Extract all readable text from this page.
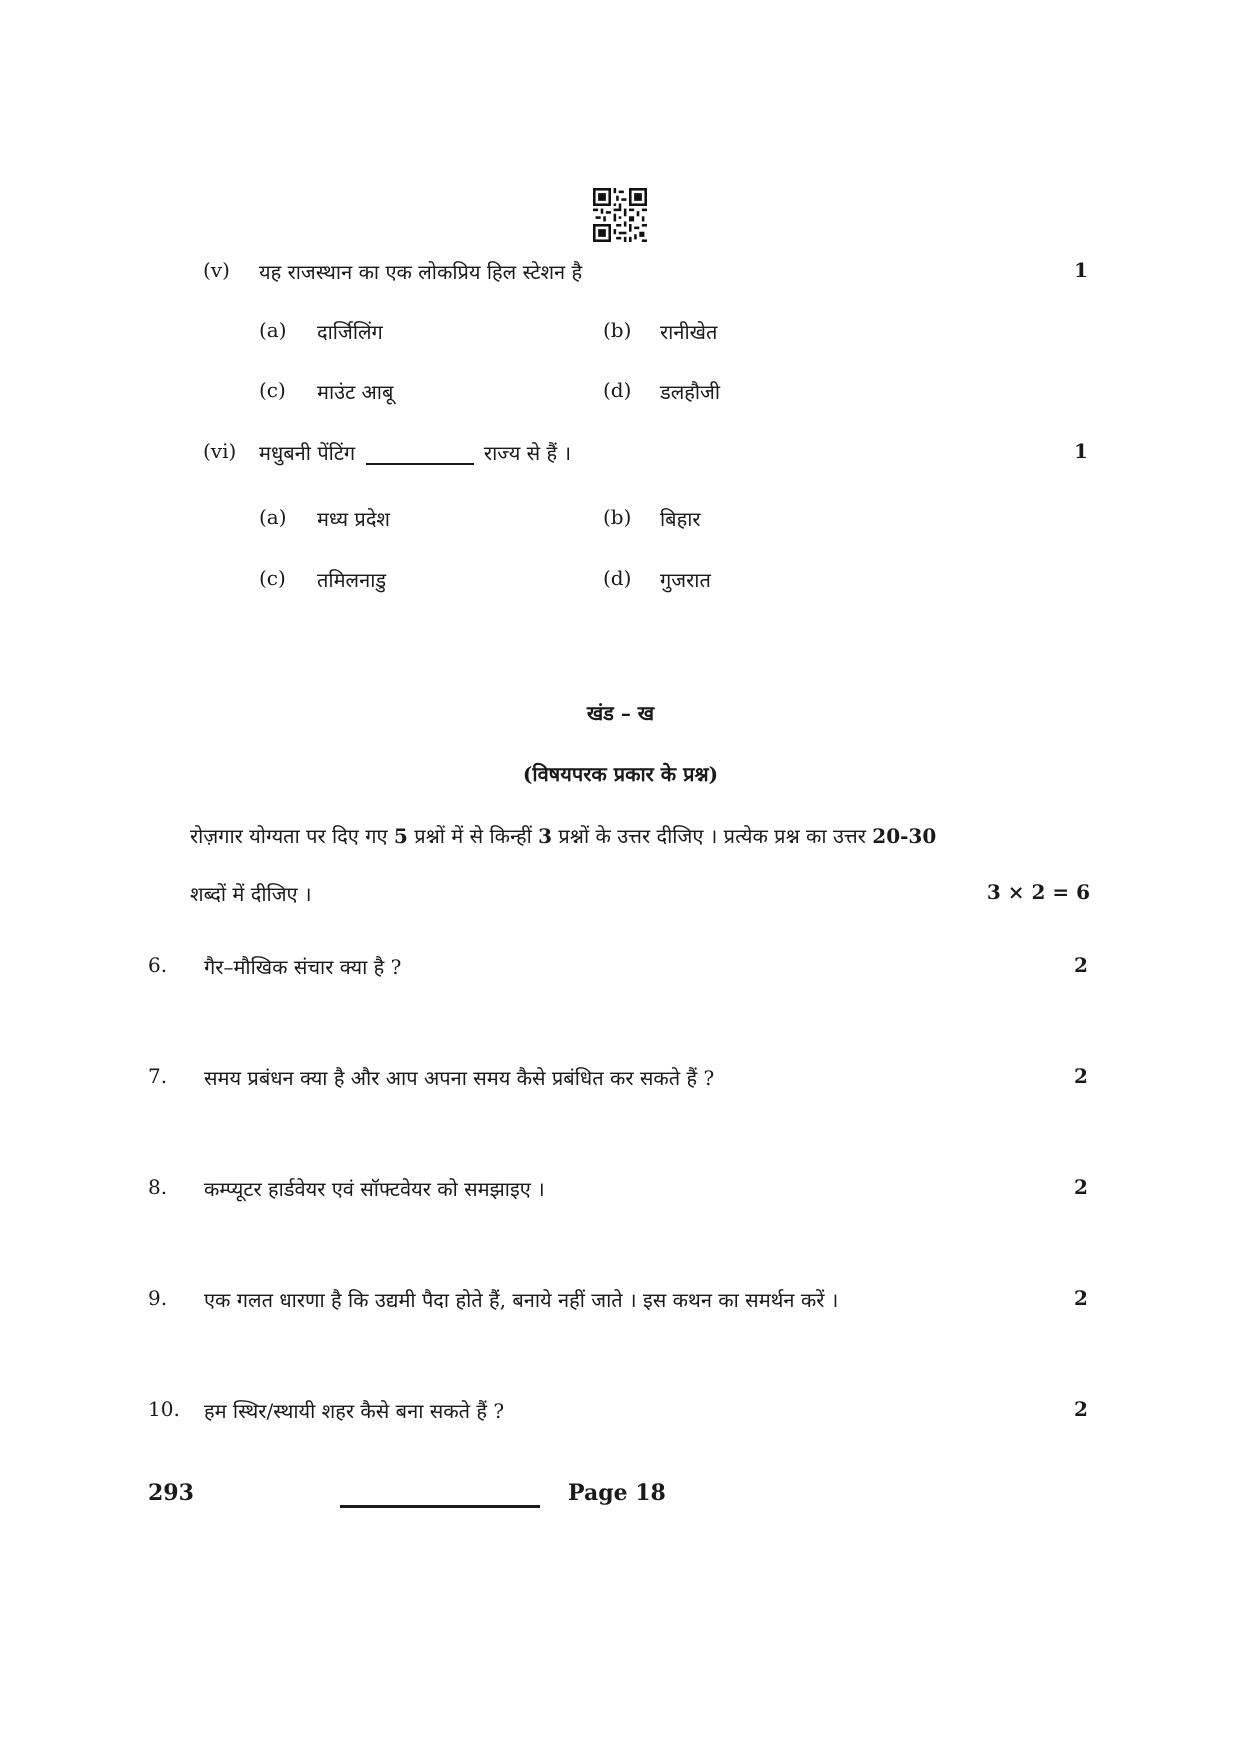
(v) यह राजस्थान का एक लोकप्रिय हिल स्टेशन है	1
(a) दार्जिलिंग	(b) रानीखेत
(c) माउंट आबू	(d) डलहौजी
(vi) मधुबनी पेंटिंग	राज्य से हैं ।	1
(a) मध्य प्रदेश	(b) बिहार
(c) तमिलनाडु	(d) गुजरात
खंड – ख
(विषयपरक प्रकार के प्रश्न)
रोज़गार योग्यता पर दिए गए 5 प्रश्नों में से किन्हीं 3 प्रश्नों के उत्तर दीजिए । प्रत्येक प्रश्न का उत्तर 20-30
शब्दों में दीजिए ।	3 × 2 = 6
6. गैर–मौखिक संचार क्या है ?	2
7. समय प्रबंधन क्या है और आप अपना समय कैसे प्रबंधित कर सकते हैं ?	2
8. कम्प्यूटर हार्डवेयर एवं सॉफ्टवेयर को समझाइए ।	2
9. एक गलत धारणा है कि उद्यमी पैदा होते हैं, बनाये नहीं जाते । इस कथन का समर्थन करें ।	2
10. हम स्थिर/स्थायी शहर कैसे बना सकते हैं ?	2
293	Page 18
